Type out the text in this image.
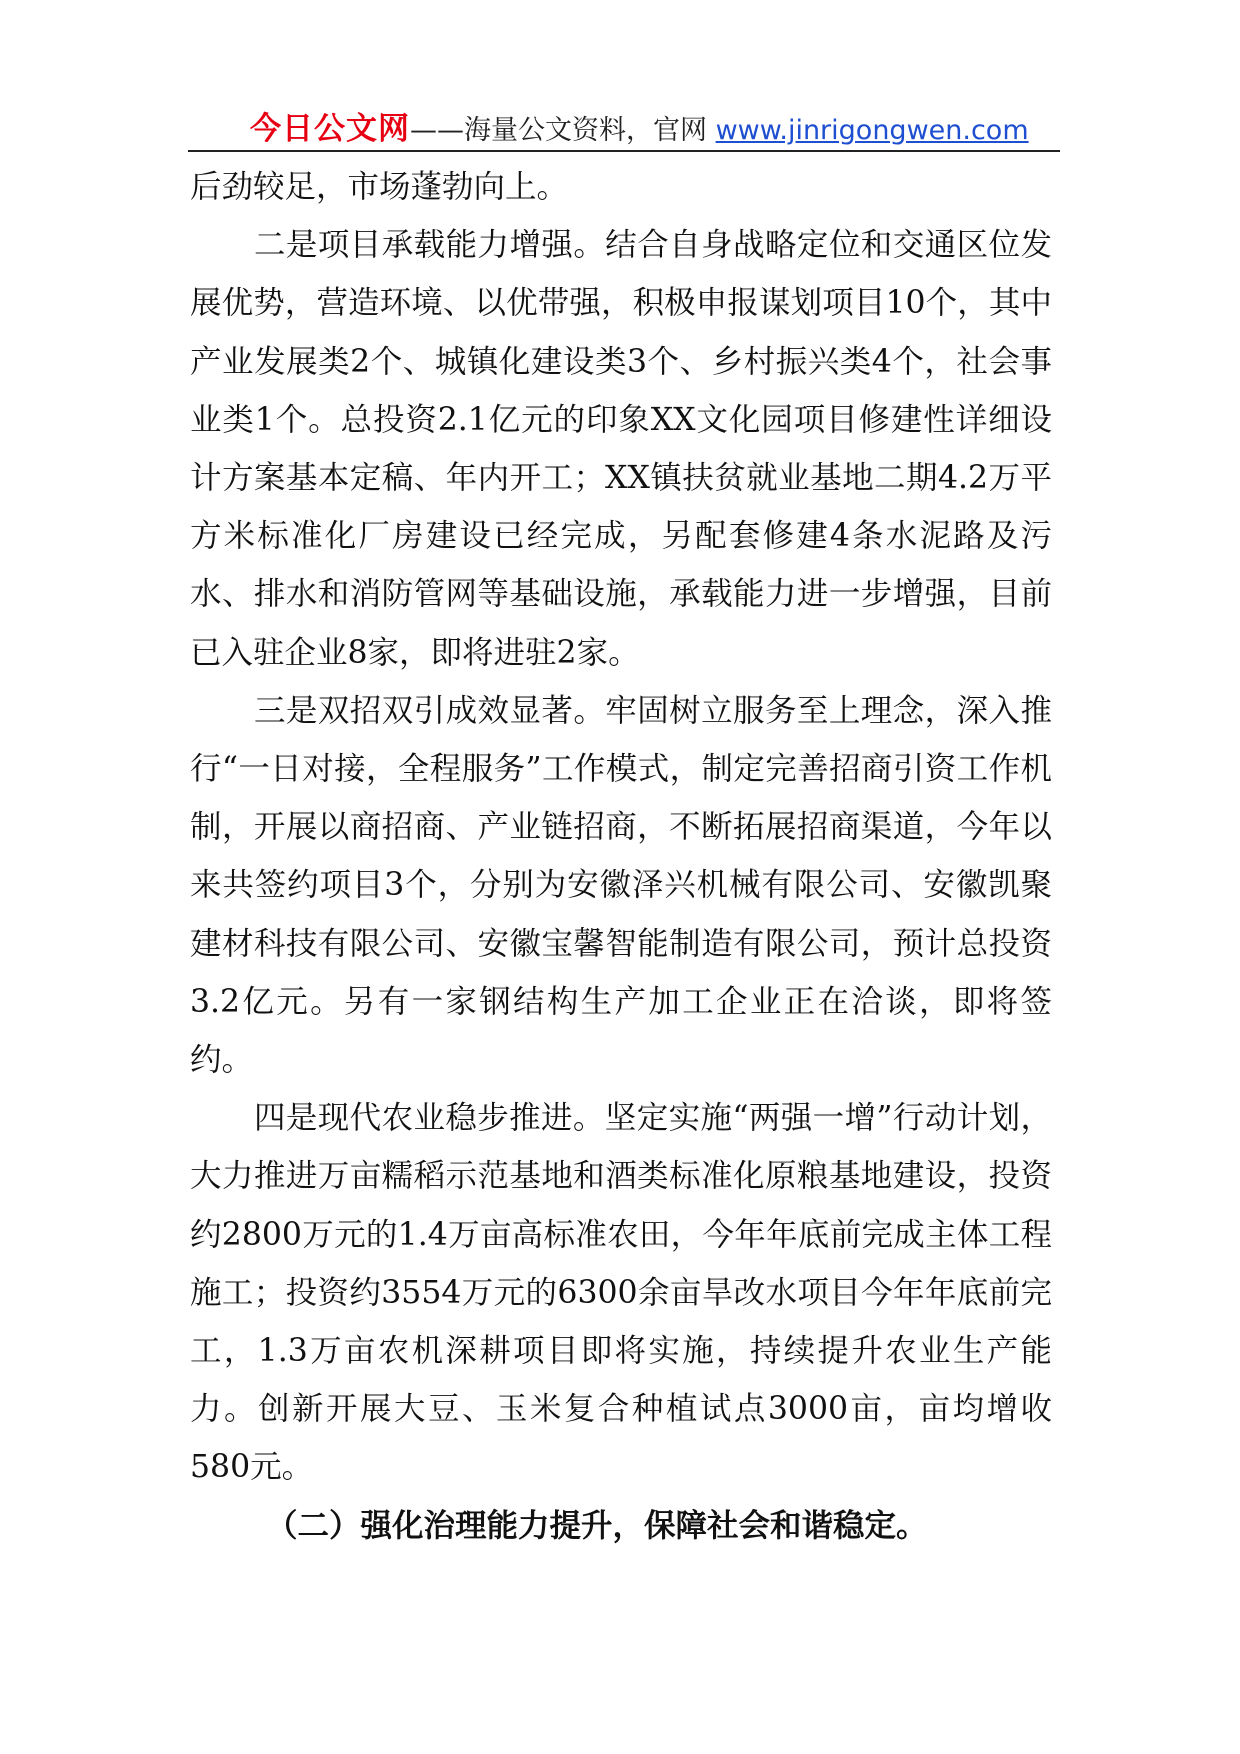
今日公文网——海量公文资料，官网 www.jinrigongwen.com

后劲较足，市场蓬勃向上。

二是项目承载能力增强。结合自身战略定位和交通区位发展优势，营造环境、以优带强，积极申报谋划项目10个，其中产业发展类2个、城镇化建设类3个、乡村振兴类4个，社会事业类1个。总投资2.1亿元的印象XX文化园项目修建性详细设计方案基本定稿、年内开工；XX镇扶贫就业基地二期4.2万平方米标准化厂房建设已经完成，另配套修建4条水泥路及污水、排水和消防管网等基础设施，承载能力进一步增强，目前已入驻企业8家，即将进驻2家。

三是双招双引成效显著。牢固树立服务至上理念，深入推行“一日对接，全程服务”工作模式，制定完善招商引资工作机制，开展以商招商、产业链招商，不断拓展招商渠道，今年以来共签约项目3个，分别为安徽泽兴机械有限公司、安徽凯聚建材科技有限公司、安徽宝馨智能制造有限公司，预计总投资3.2亿元。另有一家钢结构生产加工企业正在洽谈，即将签约。

四是现代农业稳步推进。坚定实施“两强一增”行动计划，大力推进万亩糯稻示范基地和酒类标准化原粮基地建设，投资约2800万元的1.4万亩高标准农田，今年年底前完成主体工程施工；投资约3554万元的6300余亩旱改水项目今年年底前完工，1.3万亩农机深耕项目即将实施，持续提升农业生产能力。创新开展大豆、玉米复合种植试点3000亩，亩均增收580元。

（二）强化治理能力提升，保障社会和谐稳定。
